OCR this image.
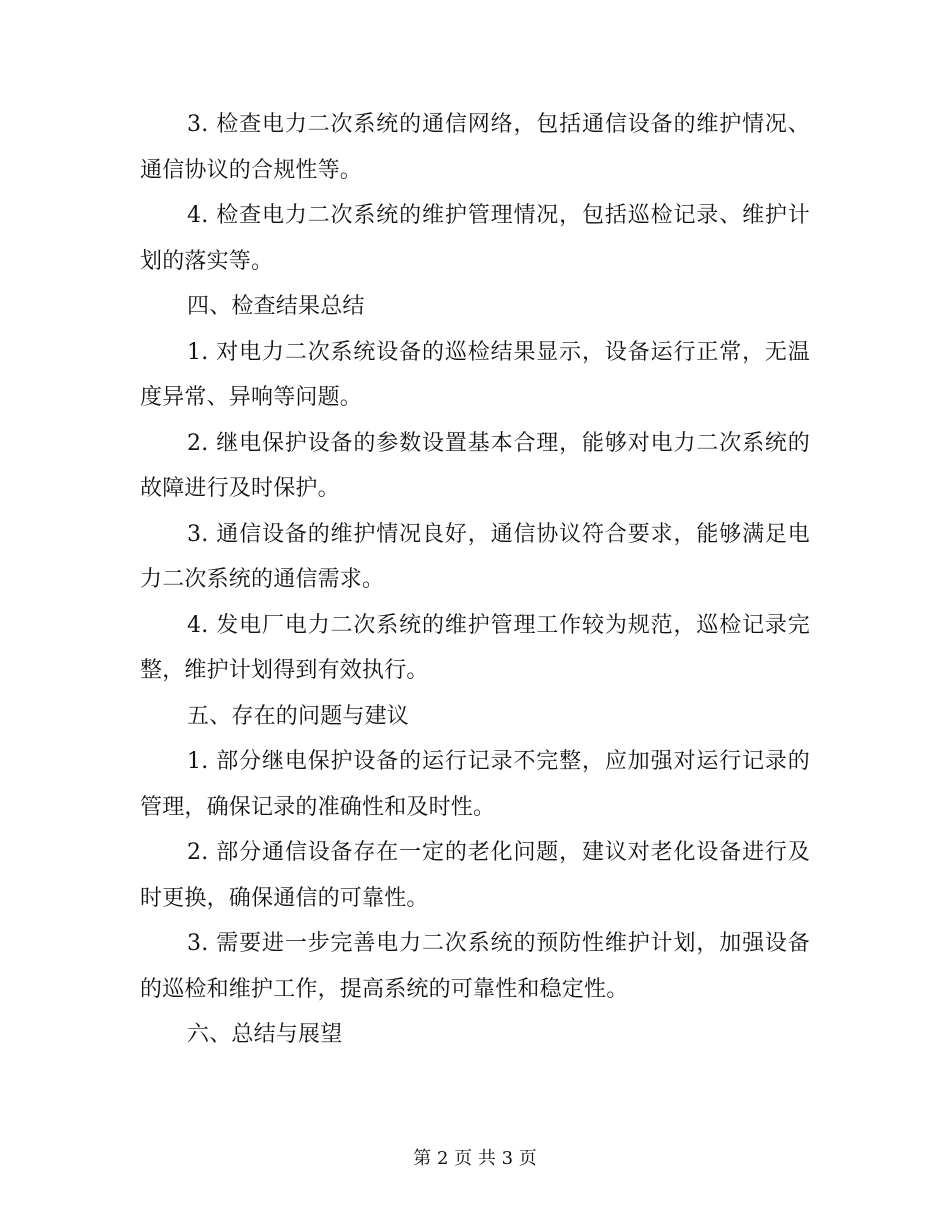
3. 检查电力二次系统的通信网络，包括通信设备的维护情况、通信协议的合规性等。

4. 检查电力二次系统的维护管理情况，包括巡检记录、维护计划的落实等。

四、检查结果总结

1. 对电力二次系统设备的巡检结果显示，设备运行正常，无温度异常、异响等问题。

2. 继电保护设备的参数设置基本合理，能够对电力二次系统的故障进行及时保护。

3. 通信设备的维护情况良好，通信协议符合要求，能够满足电力二次系统的通信需求。

4. 发电厂电力二次系统的维护管理工作较为规范，巡检记录完整，维护计划得到有效执行。

五、存在的问题与建议

1. 部分继电保护设备的运行记录不完整，应加强对运行记录的管理，确保记录的准确性和及时性。

2. 部分通信设备存在一定的老化问题，建议对老化设备进行及时更换，确保通信的可靠性。

3. 需要进一步完善电力二次系统的预防性维护计划，加强设备的巡检和维护工作，提高系统的可靠性和稳定性。

六、总结与展望

第 2 页 共 3 页
